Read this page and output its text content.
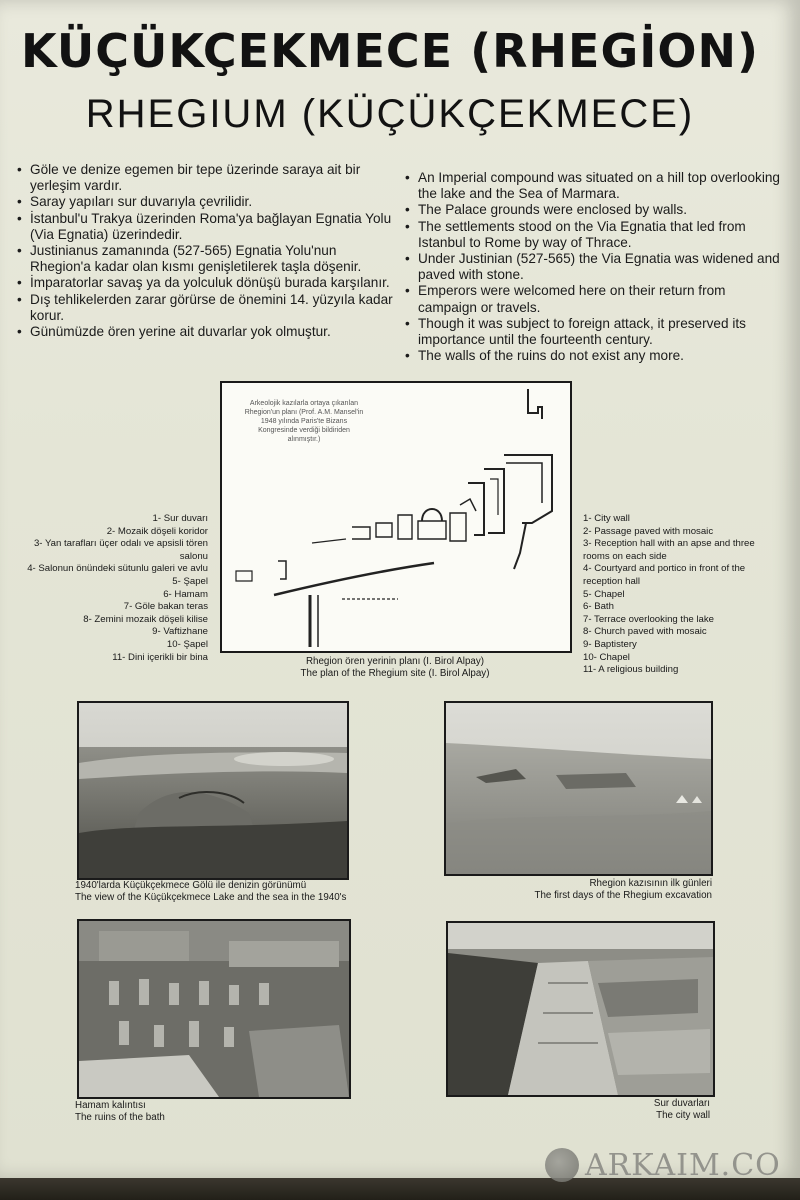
KÜÇÜKÇEKMECE (RHEGİON)
RHEGIUM (KÜÇÜKÇEKMECE)
• Göle ve denize egemen bir tepe üzerinde saraya ait bir yerleşim vardır.
• Saray yapıları sur duvarıyla çevrilidir.
• İstanbul'u Trakya üzerinden Roma'ya bağlayan Egnatia Yolu (Via Egnatia) üzerindedir.
• Justinianus zamanında (527-565) Egnatia Yolu'nun Rhegion'a kadar olan kısmı genişletilerek taşla döşenir.
• İmparatorlar savaş ya da yolculuk dönüşü burada karşılanır.
• Dış tehlikelerden zarar görürse de önemini 14. yüzyıla kadar korur.
• Günümüzde ören yerine ait duvarlar yok olmuştur.
• An Imperial compound was situated on a hill top overlooking the lake and the Sea of Marmara.
• The Palace grounds were enclosed by walls.
• The settlements stood on the Via Egnatia that led from Istanbul to Rome by way of Thrace.
• Under Justinian (527-565) the Via Egnatia was widened and paved with stone.
• Emperors were welcomed here on their return from campaign or travels.
• Though it was subject to foreign attack, it preserved its importance until the fourteenth century.
• The walls of the ruins do not exist any more.
Arkeolojik kazılarla ortaya çıkarılan Rhegion'un planı (Prof. A.M. Mansel'in 1948 yılında Paris'te Bizans Kongresinde verdiği bildiriden alınmıştır.)
1- Sur duvarı
2- Mozaik döşeli koridor
3- Yan tarafları üçer odalı ve apsisli tören salonu
4- Salonun önündeki sütunlu galeri ve avlu
5- Şapel
6- Hamam
7- Göle bakan teras
8- Zemini mozaik döşeli kilise
9- Vaftizhane
10- Şapel
11- Dini içerikli bir bina
1- City wall
2- Passage paved with mosaic
3- Reception hall with an apse and three rooms on each side
4- Courtyard and portico in front of the reception hall
5- Chapel
6- Bath
7- Terrace overlooking the lake
8- Church paved with mosaic
9- Baptistery
10- Chapel
11- A religious building
Rhegion ören yerinin planı (I. Birol Alpay)
The plan of the Rhegium site (I. Birol Alpay)
1940'larda Küçükçekmece Gölü ile denizin görünümü
The view of the Küçükçekmece Lake and the sea in the 1940's
Rhegion kazısının ilk günleri
The first days of the Rhegium excavation
Hamam kalıntısı
The ruins of the bath
Sur duvarları
The city wall
ARKAIM.CO
